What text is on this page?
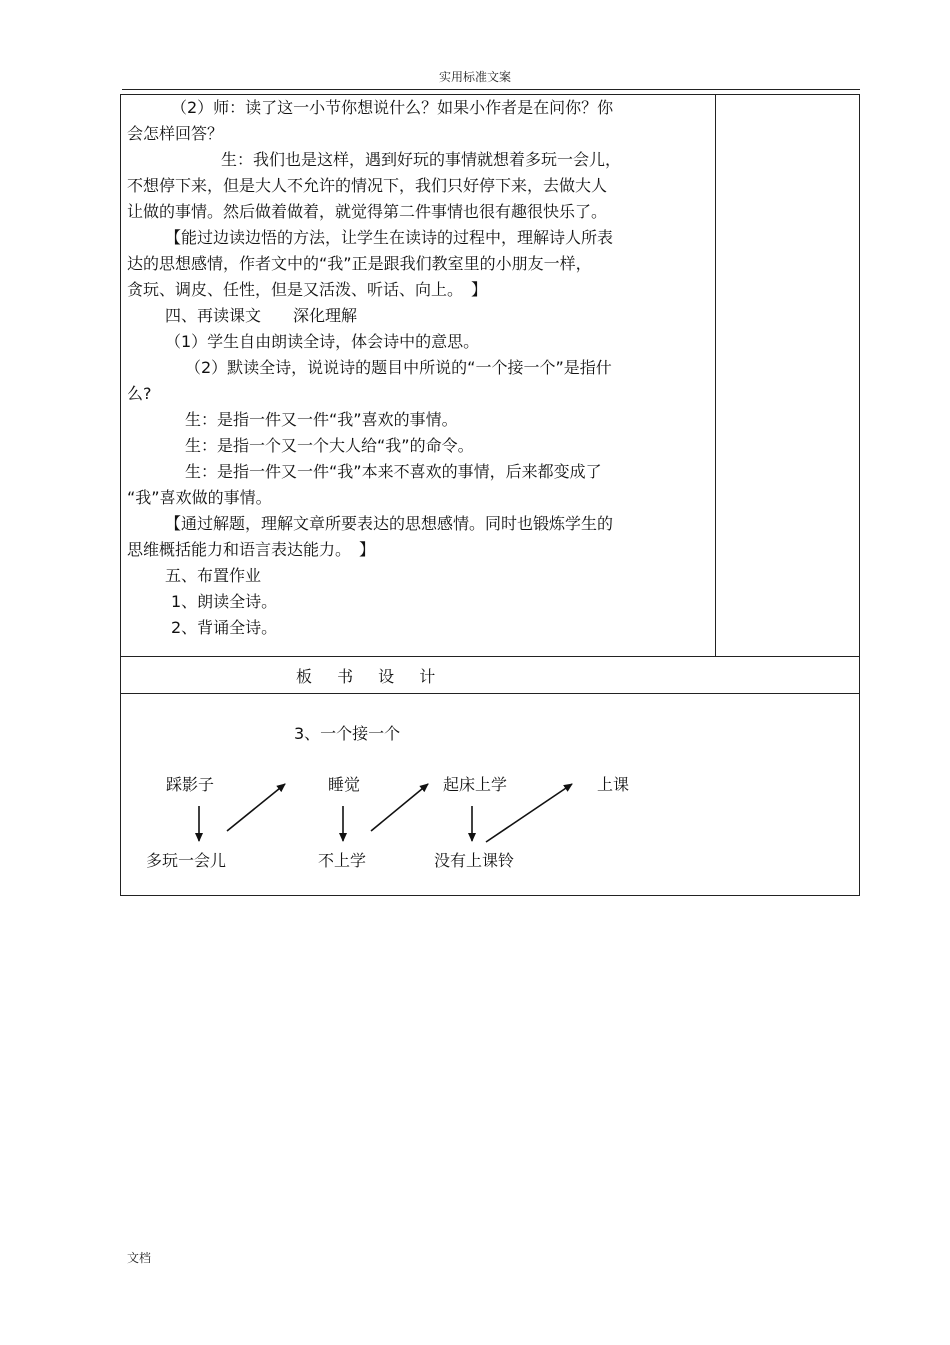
实用标准文案

（2）师：读了这一小节你想说什么？如果小作者是在问你？你

会怎样回答？

生：我们也是这样，遇到好玩的事情就想着多玩一会儿，

不想停下来，但是大人不允许的情况下，我们只好停下来，去做大人

让做的事情。然后做着做着，就觉得第二件事情也很有趣很快乐了。

【能过边读边悟的方法，让学生在读诗的过程中，理解诗人所表

达的思想感情，作者文中的“我”正是跟我们教室里的小朋友一样，

贪玩、调皮、任性，但是又活泼、听话、向上。　】

四、再读课文　　深化理解

（1）学生自由朗读全诗，体会诗中的意思。

（2）默读全诗，说说诗的题目中所说的“一个接一个”是指什

么?

生：是指一件又一件“我”喜欢的事情。

生：是指一个又一个大人给“我”的命令。

生：是指一件又一件“我”本来不喜欢的事情，后来都变成了

“我”喜欢做的事情。

【通过解题，理解文章所要表达的思想感情。同时也锻炼学生的

思维概括能力和语言表达能力。　】

五、布置作业

1、朗读全诗。

2、背诵全诗。

板 书 设 计
3、一个接一个
踩影子	睡觉	起床上学	上课
多玩一会儿	不上学	没有上课铃
文档
